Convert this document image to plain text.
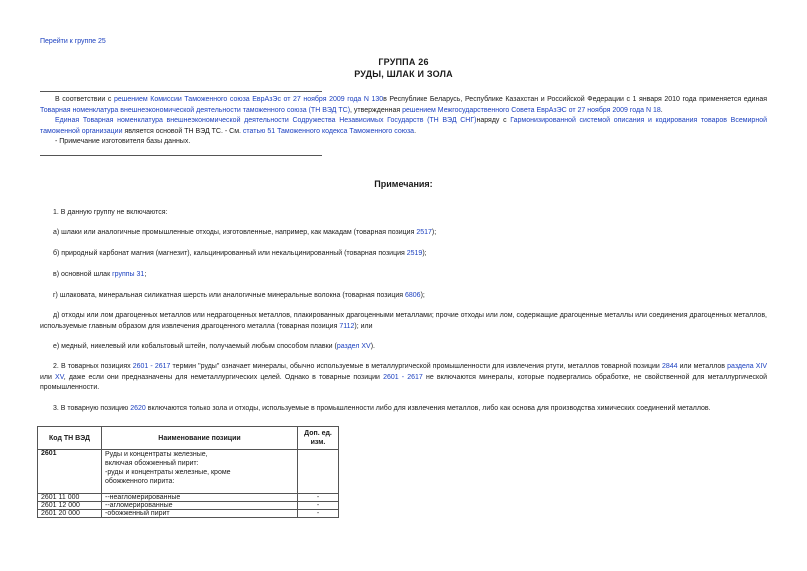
Перейти к группе 25
ГРУППА 26
РУДЫ, ШЛАК И ЗОЛА

В соответствии с решением Комиссии Таможенного союза ЕврАзЭс от 27 ноября 2009 года N 130в Республике Беларусь, Республике Казахстан и Российской Федерации с 1 января 2010 года применяется единая Товарная номенклатура внешнеэкономической деятельности таможенного союза (ТН ВЭД ТС), утвержденная решением Межгосударственного Совета ЕврАзЭС от 27 ноября 2009 года N 18.

Единая Товарная номенклатура внешнеэкономической деятельности Содружества Независимых Государств (ТН ВЭД СНГ)наряду с Гармонизированной системой описания и кодирования товаров Всемирной таможенной организации является основой ТН ВЭД ТС. - См. статью 51 Таможенного кодекса Таможенного союза.

- Примечание изготовителя базы данных.

Примечания:

1. В данную группу не включаются:

а) шлаки или аналогичные промышленные отходы, изготовленные, например, как макадам (товарная позиция 2517);

б) природный карбонат магния (магнезит), кальцинированный или некальцинированный (товарная позиция 2519);

в) основной шлак группы 31;

г) шлаковата, минеральная силикатная шерсть или аналогичные минеральные волокна (товарная позиция 6806);

д) отходы или лом драгоценных металлов или недрагоценных металлов, плакированных драгоценными металлами; прочие отходы или лом, содержащие драгоценные металлы или соединения драгоценных металлов, используемые главным образом для извлечения драгоценного металла (товарная позиция 7112); или

е) медный, никелевый или кобальтовый штейн, получаемый любым способом плавки (раздел XV).

2. В товарных позициях 2601 - 2617 термин "руды" означает минералы, обычно используемые в металлургической промышленности для извлечения ртути, металлов товарной позиции 2844 или металлов раздела XIV или XV, даже если они предназначены для неметаллургических целей. Однако в товарные позиции 2601 - 2617 не включаются минералы, которые подвергались обработке, не свойственной для металлургической промышленности.

3. В товарную позицию 2620 включаются только зола и отходы, используемые в промышленности либо для извлечения металлов, либо как основа для производства химических соединений металлов.

Код ТН ВЭД	Наименование позиции	Доп. ед.
изм.

2601	Руды и концентраты железные,
включая обожженный пирит:
-руды и концентраты железные, кроме
обожженного пирита:	

2601 11 000	--неагломерированные	-
2601 12 000	--агломерированные	-
2601 20 000	-обожженный пирит	-
